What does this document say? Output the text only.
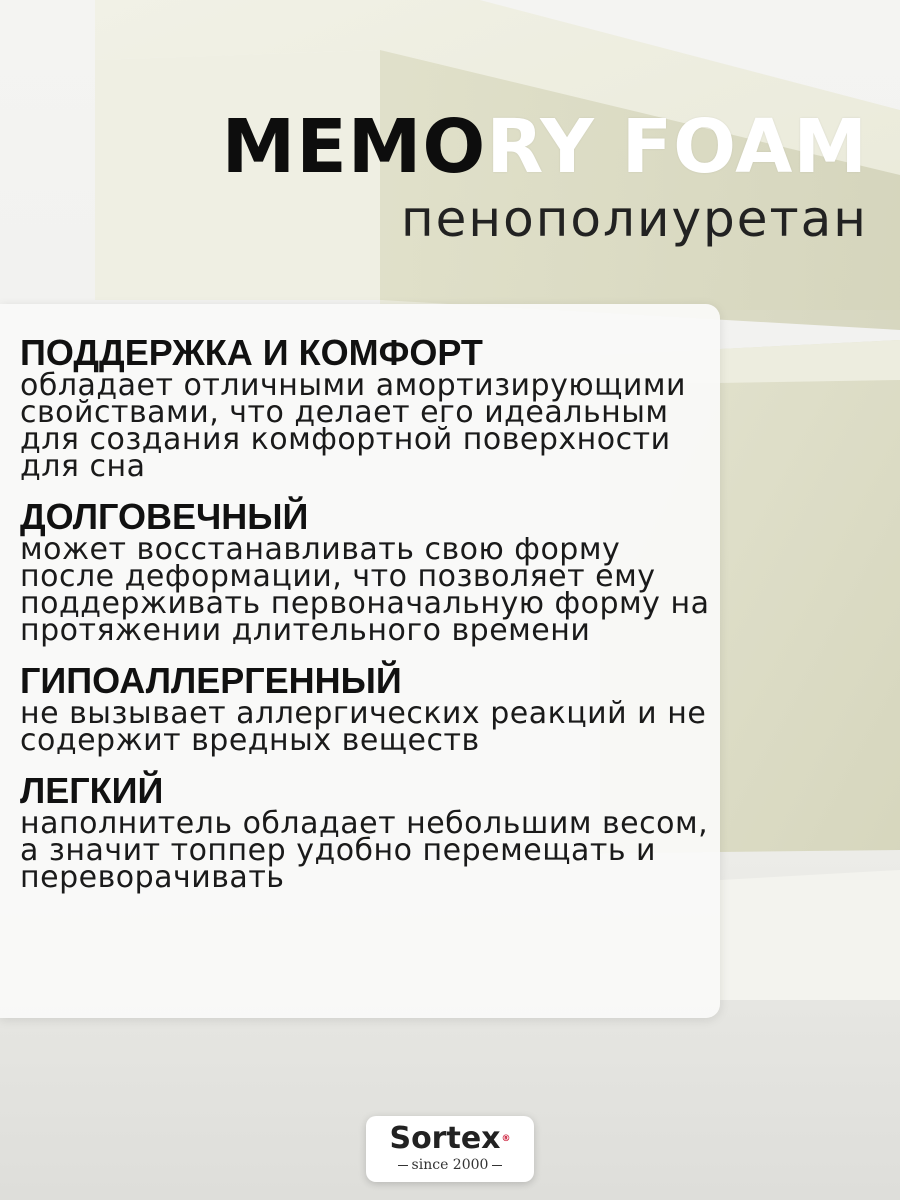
MEMORY FOAM
пенополиуретан
ПОДДЕРЖКА И КОМФОРТ
обладает отличными амортизирующими свойствами, что делает его идеальным для создания комфортной поверхности для сна
ДОЛГОВЕЧНЫЙ
может восстанавливать свою форму после деформации, что позволяет ему поддерживать первоначальную форму на протяжении длительного времени
ГИПОАЛЛЕРГЕННЫЙ
не вызывает аллергических реакций и не содержит вредных веществ
ЛЕГКИЙ
наполнитель обладает небольшим весом, а значит топпер удобно перемещать и переворачивать
Sortex®
since 2000
